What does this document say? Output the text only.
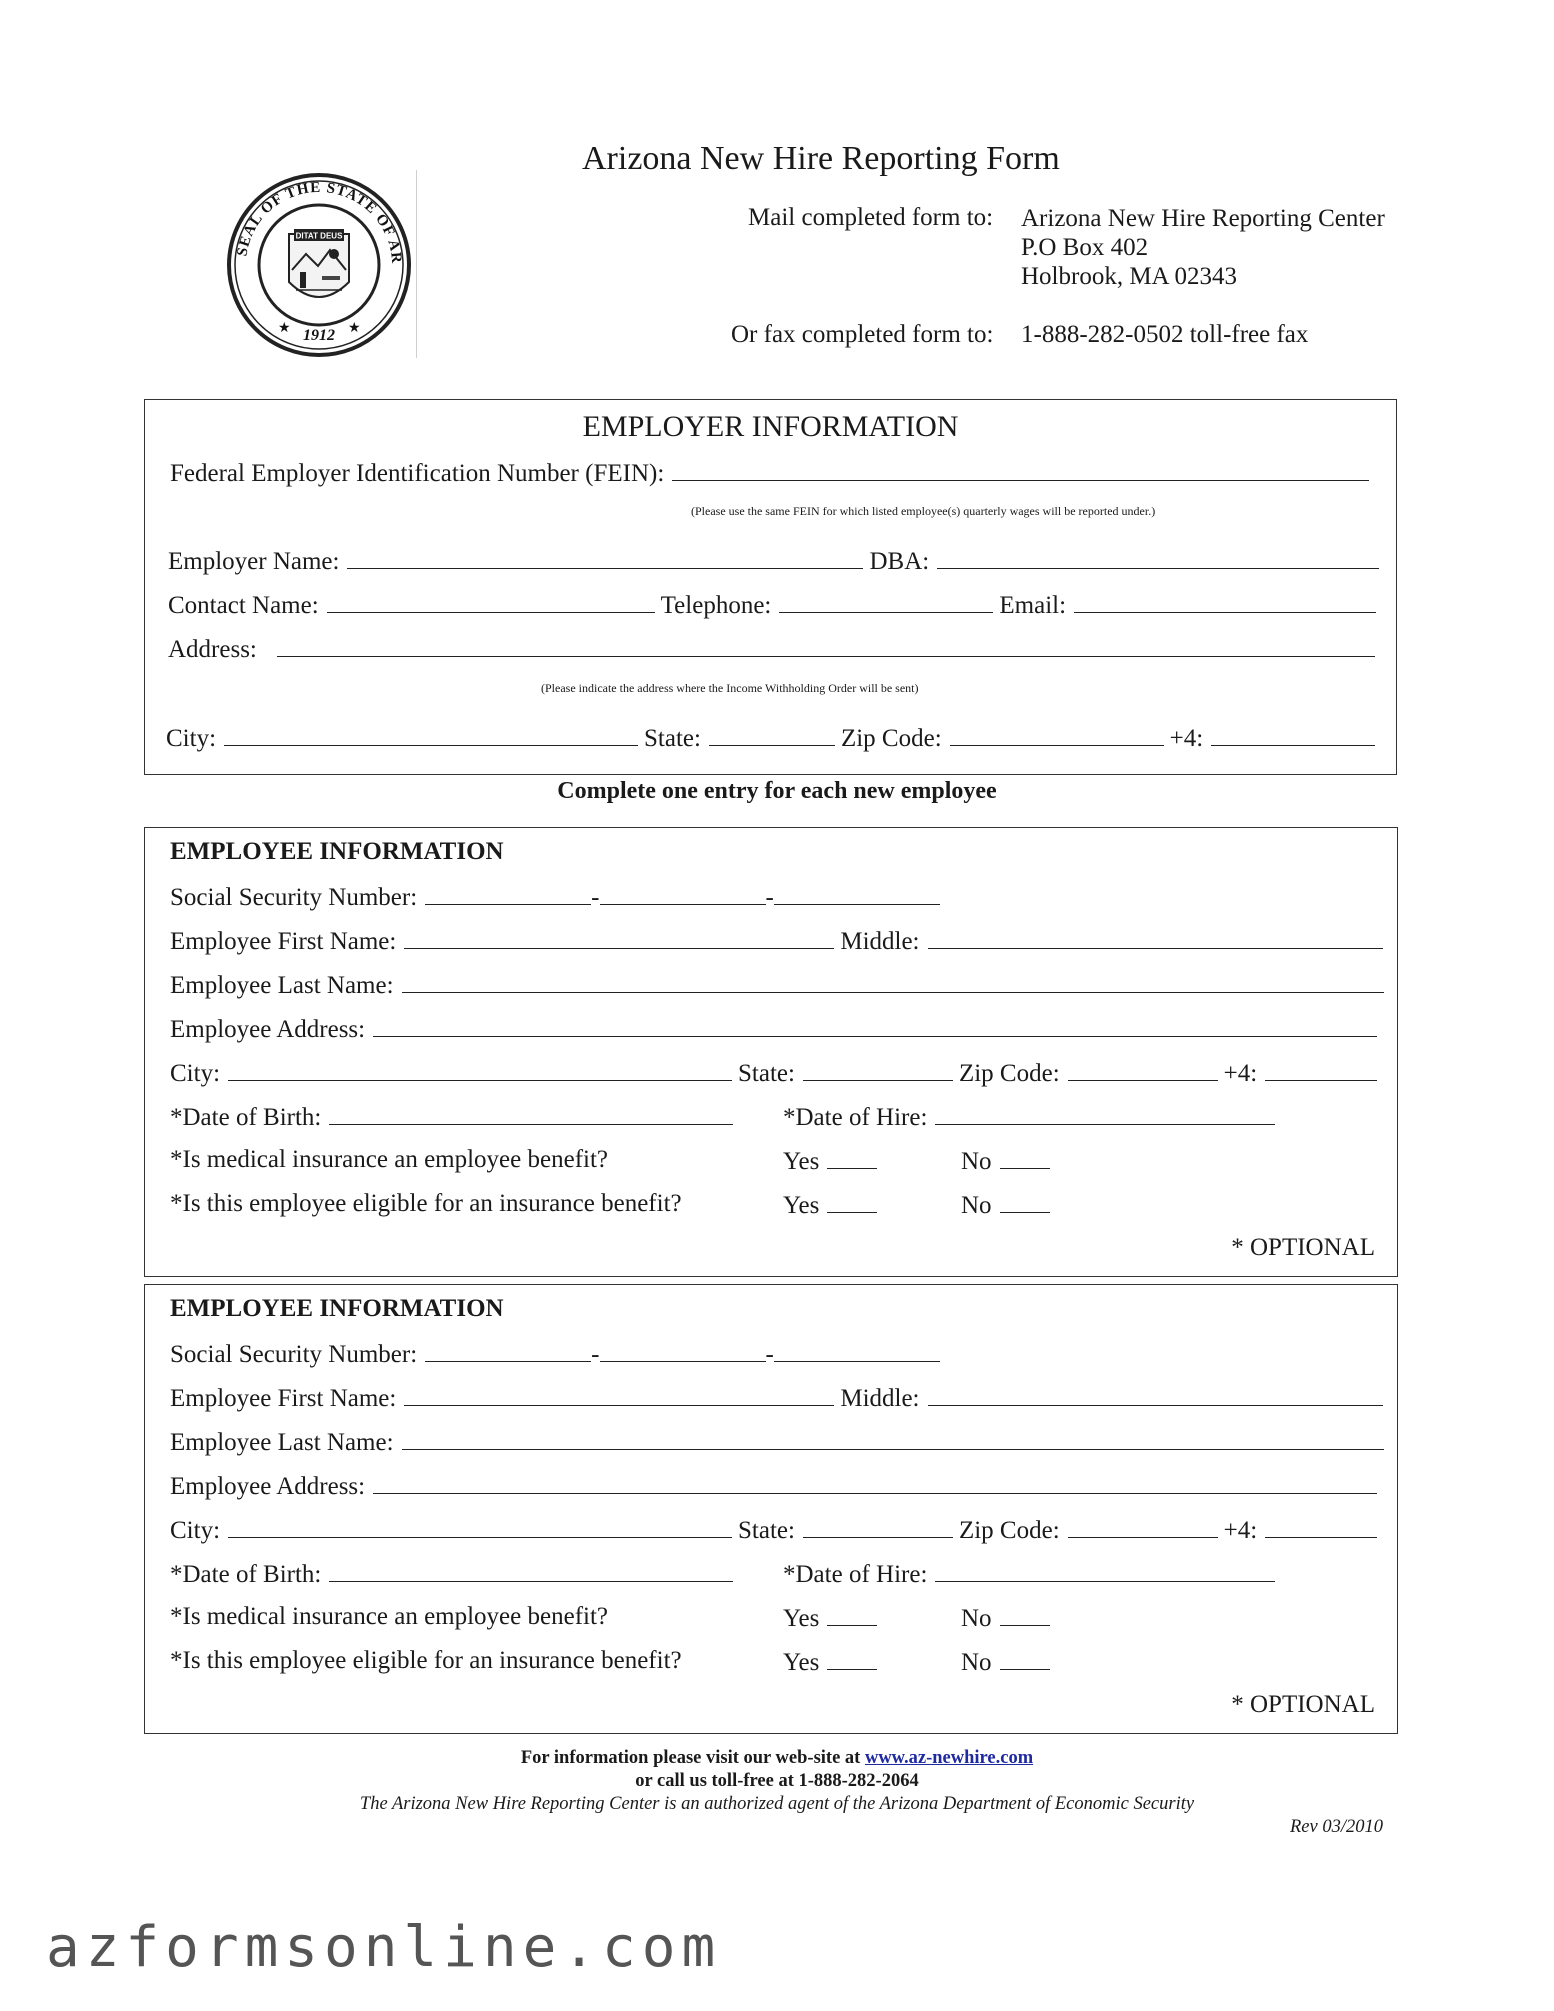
DITAT DEUS
SEAL OF THE STATE OF AR
1912
★	★
Arizona New Hire Reporting Form
Mail completed form to: Arizona New Hire Reporting Center
P.O Box 402
Holbrook, MA 02343
Or fax completed form to: 1-888-282-0502 toll-free fax
EMPLOYER INFORMATION
Federal Employer Identification Number (FEIN):
(Please use the same FEIN for which listed employee(s) quarterly wages will be reported under.)
Employer Name:	DBA:
Contact Name:	Telephone:	Email:
Address:
(Please indicate the address where the Income Withholding Order will be sent)
City:	State:	Zip Code:	+4:
Complete one entry for each new employee
EMPLOYEE INFORMATION
Social Security Number:	-	-
Employee First Name:	Middle:
Employee Last Name:
Employee Address:
City:	State:	Zip Code:	+4:
*Date of Birth:	*Date of Hire:
*Is medical insurance an employee benefit?	Yes	No
*Is this employee eligible for an insurance benefit?	Yes	No
* OPTIONAL
EMPLOYEE INFORMATION
Social Security Number:	-	-
Employee First Name:	Middle:
Employee Last Name:
Employee Address:
City:	State:	Zip Code:	+4:
*Date of Birth:	*Date of Hire:
*Is medical insurance an employee benefit?	Yes	No
*Is this employee eligible for an insurance benefit?	Yes	No
* OPTIONAL
For information please visit our web-site at www.az-newhire.com
or call us toll-free at 1-888-282-2064
The Arizona New Hire Reporting Center is an authorized agent of the Arizona Department of Economic Security
Rev 03/2010
azformsonline.com
